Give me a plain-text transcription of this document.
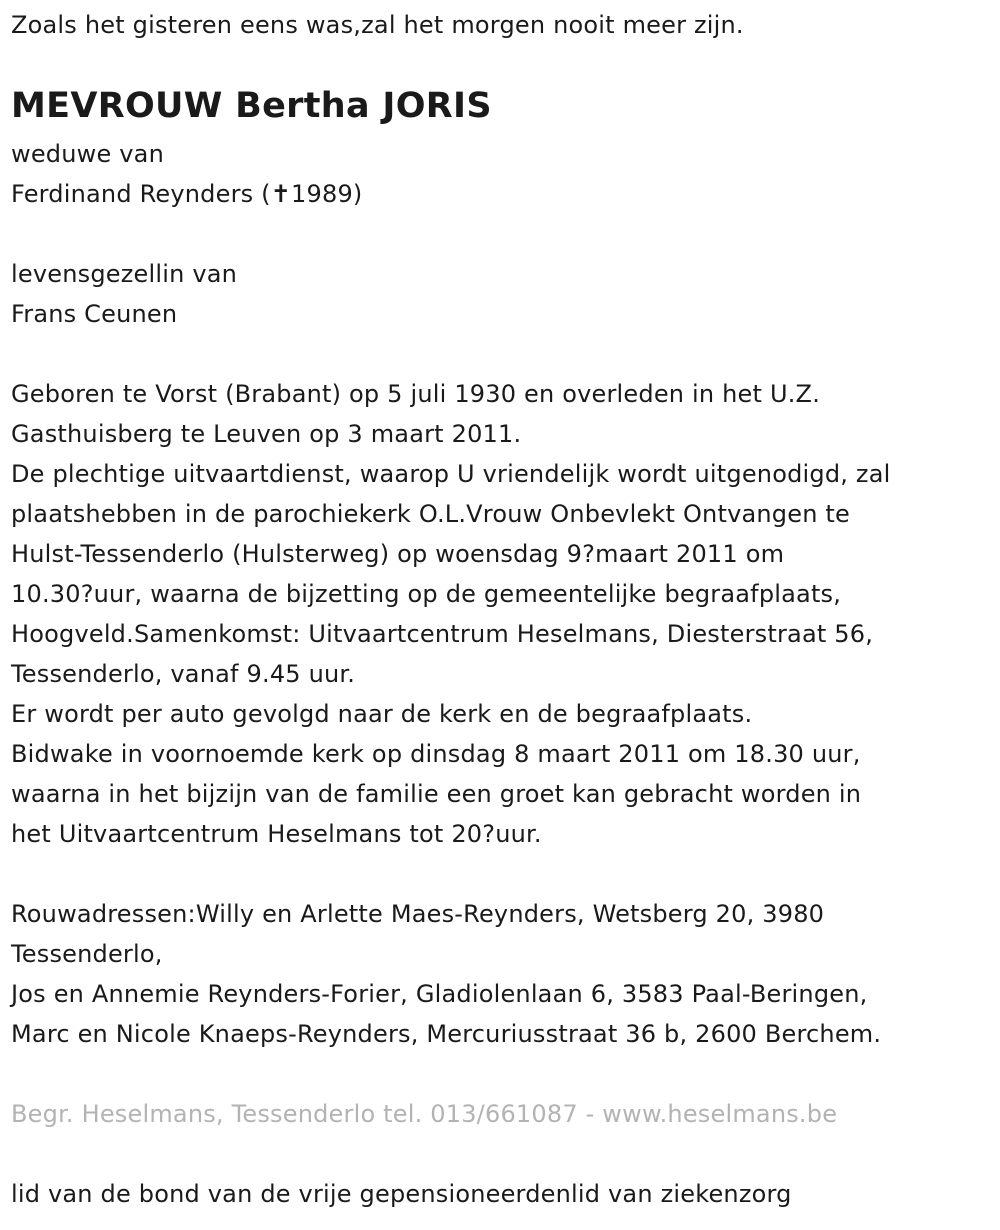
Zoals het gisteren eens was,zal het morgen nooit meer zijn.
MEVROUW Bertha JORIS
weduwe van
Ferdinand Reynders (✝1989)
levensgezellin van
Frans Ceunen
Geboren te Vorst (Brabant) op 5 juli 1930 en overleden in het U.Z.
Gasthuisberg te Leuven op 3 maart 2011.
De plechtige uitvaartdienst, waarop U vriendelijk wordt uitgenodigd, zal
plaatshebben in de parochiekerk O.L.Vrouw Onbevlekt Ontvangen te
Hulst-Tessenderlo (Hulsterweg) op woensdag 9?maart 2011 om
10.30?uur, waarna de bijzetting op de gemeentelijke begraafplaats,
Hoogveld.Samenkomst: Uitvaartcentrum Heselmans, Diesterstraat 56,
Tessenderlo, vanaf 9.45 uur.
Er wordt per auto gevolgd naar de kerk en de begraafplaats.
Bidwake in voornoemde kerk op dinsdag 8 maart 2011 om 18.30 uur,
waarna in het bijzijn van de familie een groet kan gebracht worden in
het Uitvaartcentrum Heselmans tot 20?uur.
Rouwadressen:Willy en Arlette Maes-Reynders, Wetsberg 20, 3980
Tessenderlo,
Jos en Annemie Reynders-Forier, Gladiolenlaan 6, 3583 Paal-Beringen,
Marc en Nicole Knaeps-Reynders, Mercuriusstraat 36 b, 2600 Berchem.
Begr. Heselmans, Tessenderlo tel. 013/661087 - www.heselmans.be
lid van de bond van de vrije gepensioneerdenlid van ziekenzorg
